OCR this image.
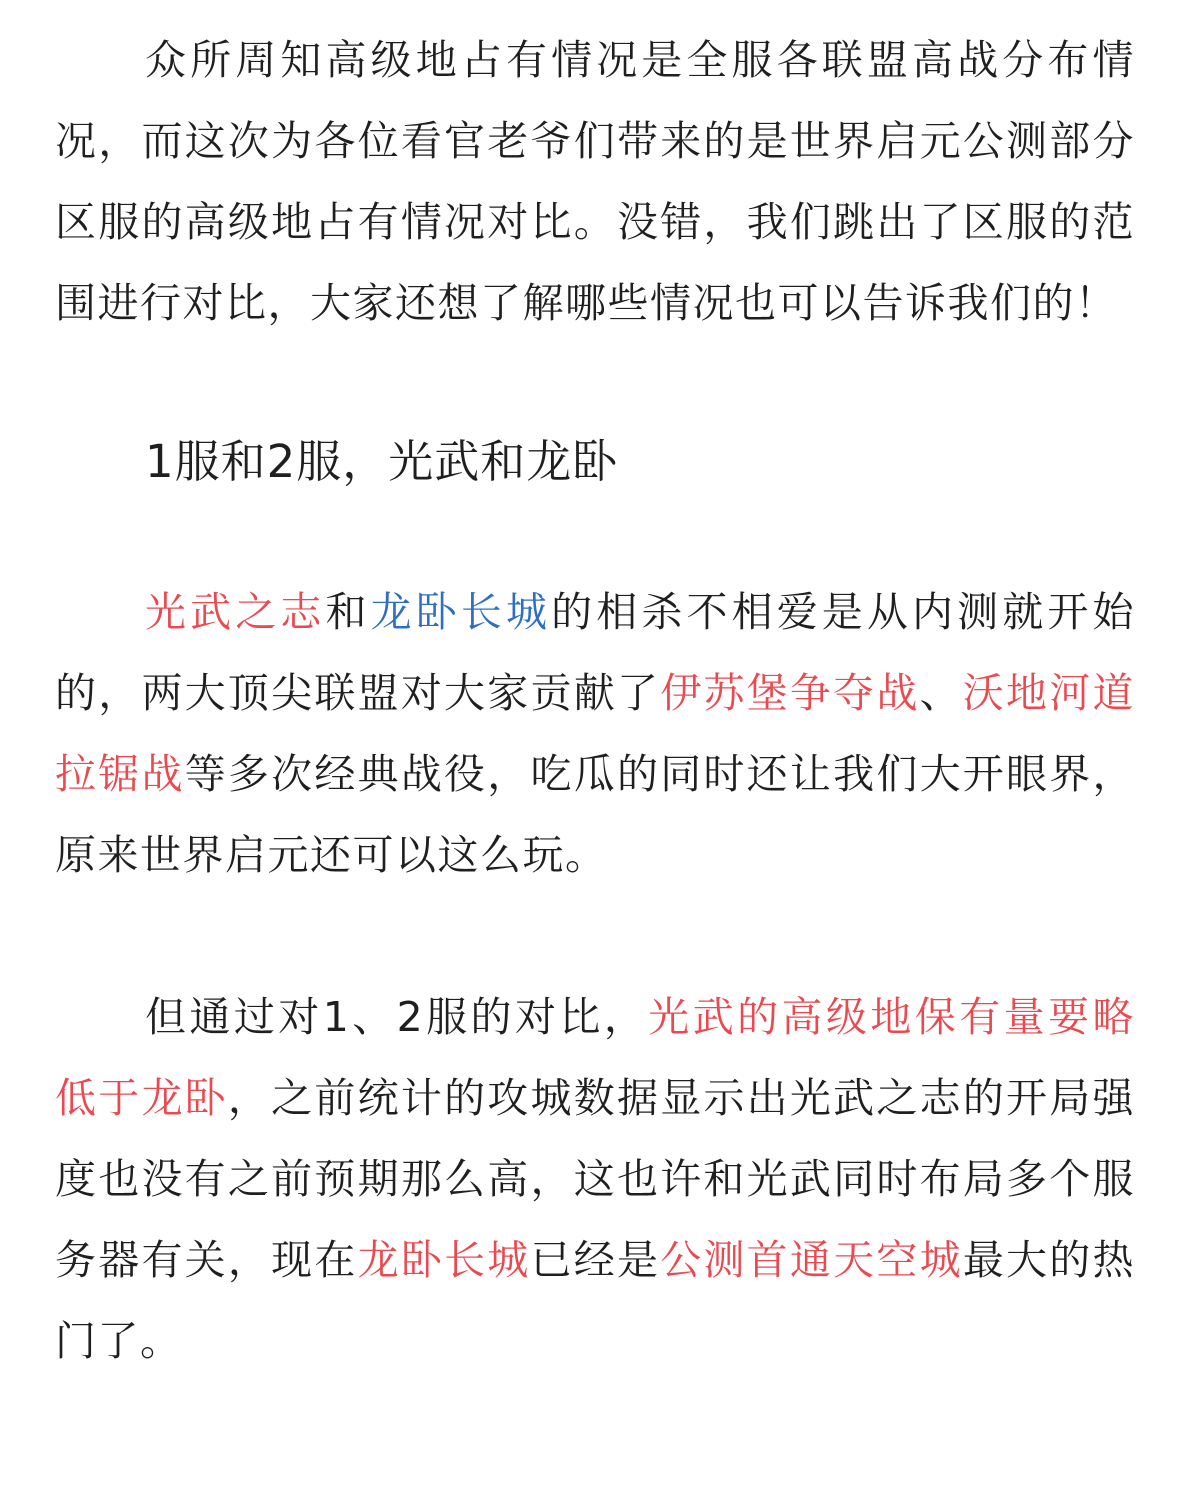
众所周知高级地占有情况是全服各联盟高战分布情况，而这次为各位看官老爷们带来的是世界启元公测部分区服的高级地占有情况对比。没错，我们跳出了区服的范围进行对比，大家还想了解哪些情况也可以告诉我们的！

1服和2服，光武和龙卧

光武之志和龙卧长城的相杀不相爱是从内测就开始的，两大顶尖联盟对大家贡献了伊苏堡争夺战、沃地河道拉锯战等多次经典战役，吃瓜的同时还让我们大开眼界，原来世界启元还可以这么玩。

但通过对1、2服的对比，光武的高级地保有量要略低于龙卧，之前统计的攻城数据显示出光武之志的开局强度也没有之前预期那么高，这也许和光武同时布局多个服务器有关，现在龙卧长城已经是公测首通天空城最大的热门了。
